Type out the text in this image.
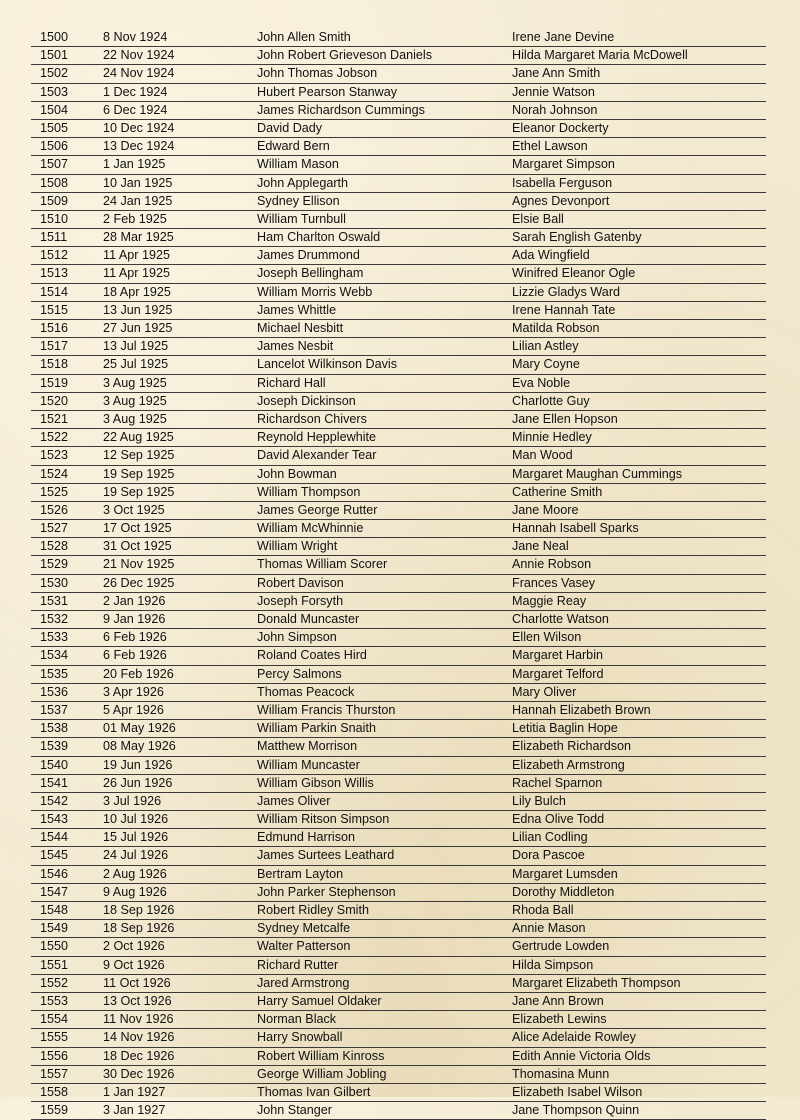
1500	8 Nov 1924	John Allen Smith	Irene Jane Devine
1501	22 Nov 1924	John Robert Grieveson Daniels	Hilda Margaret Maria McDowell
1502	24 Nov 1924	John Thomas Jobson	Jane Ann Smith
1503	1 Dec 1924	Hubert Pearson Stanway	Jennie Watson
1504	6 Dec 1924	James Richardson Cummings	Norah Johnson
1505	10 Dec 1924	David Dady	Eleanor Dockerty
1506	13 Dec 1924	Edward Bern	Ethel Lawson
1507	1 Jan 1925	William Mason	Margaret Simpson
1508	10 Jan 1925	John Applegarth	Isabella Ferguson
1509	24 Jan 1925	Sydney Ellison	Agnes Devonport
1510	2 Feb 1925	William Turnbull	Elsie Ball
1511	28 Mar 1925	Ham Charlton Oswald	Sarah English Gatenby
1512	11 Apr 1925	James Drummond	Ada Wingfield
1513	11 Apr 1925	Joseph Bellingham	Winifred Eleanor Ogle
1514	18 Apr 1925	William Morris Webb	Lizzie Gladys Ward
1515	13 Jun 1925	James Whittle	Irene Hannah Tate
1516	27 Jun 1925	Michael Nesbitt	Matilda Robson
1517	13 Jul 1925	James Nesbit	Lilian Astley
1518	25 Jul 1925	Lancelot Wilkinson Davis	Mary Coyne
1519	3 Aug 1925	Richard Hall	Eva Noble
1520	3 Aug 1925	Joseph Dickinson	Charlotte Guy
1521	3 Aug 1925	Richardson Chivers	Jane Ellen Hopson
1522	22 Aug 1925	Reynold Hepplewhite	Minnie Hedley
1523	12 Sep 1925	David Alexander Tear	Man Wood
1524	19 Sep 1925	John Bowman	Margaret Maughan Cummings
1525	19 Sep 1925	William Thompson	Catherine Smith
1526	3 Oct 1925	James George Rutter	Jane Moore
1527	17 Oct 1925	William McWhinnie	Hannah Isabell Sparks
1528	31 Oct 1925	William Wright	Jane Neal
1529	21 Nov 1925	Thomas William Scorer	Annie Robson
1530	26 Dec 1925	Robert Davison	Frances Vasey
1531	2 Jan 1926	Joseph Forsyth	Maggie Reay
1532	9 Jan 1926	Donald Muncaster	Charlotte Watson
1533	6 Feb 1926	John Simpson	Ellen Wilson
1534	6 Feb 1926	Roland Coates Hird	Margaret Harbin
1535	20 Feb 1926	Percy Salmons	Margaret Telford
1536	3 Apr 1926	Thomas Peacock	Mary Oliver
1537	5 Apr 1926	William Francis Thurston	Hannah Elizabeth Brown
1538	01 May 1926	William Parkin Snaith	Letitia Baglin Hope
1539	08 May 1926	Matthew Morrison	Elizabeth Richardson
1540	19 Jun 1926	William Muncaster	Elizabeth Armstrong
1541	26 Jun 1926	William Gibson Willis	Rachel Sparnon
1542	3 Jul 1926	James Oliver	Lily Bulch
1543	10 Jul 1926	William Ritson Simpson	Edna Olive Todd
1544	15 Jul 1926	Edmund Harrison	Lilian Codling
1545	24 Jul 1926	James Surtees Leathard	Dora Pascoe
1546	2 Aug 1926	Bertram Layton	Margaret Lumsden
1547	9 Aug 1926	John Parker Stephenson	Dorothy Middleton
1548	18 Sep 1926	Robert Ridley Smith	Rhoda Ball
1549	18 Sep 1926	Sydney Metcalfe	Annie Mason
1550	2 Oct 1926	Walter Patterson	Gertrude Lowden
1551	9 Oct 1926	Richard Rutter	Hilda Simpson
1552	11 Oct 1926	Jared Armstrong	Margaret Elizabeth Thompson
1553	13 Oct 1926	Harry Samuel Oldaker	Jane Ann Brown
1554	11 Nov 1926	Norman Black	Elizabeth Lewins
1555	14 Nov 1926	Harry Snowball	Alice Adelaide Rowley
1556	18 Dec 1926	Robert William Kinross	Edith Annie Victoria Olds
1557	30 Dec 1926	George William Jobling	Thomasina Munn
1558	1 Jan 1927	Thomas Ivan Gilbert	Elizabeth Isabel Wilson
1559	3 Jan 1927	John Stanger	Jane Thompson Quinn
